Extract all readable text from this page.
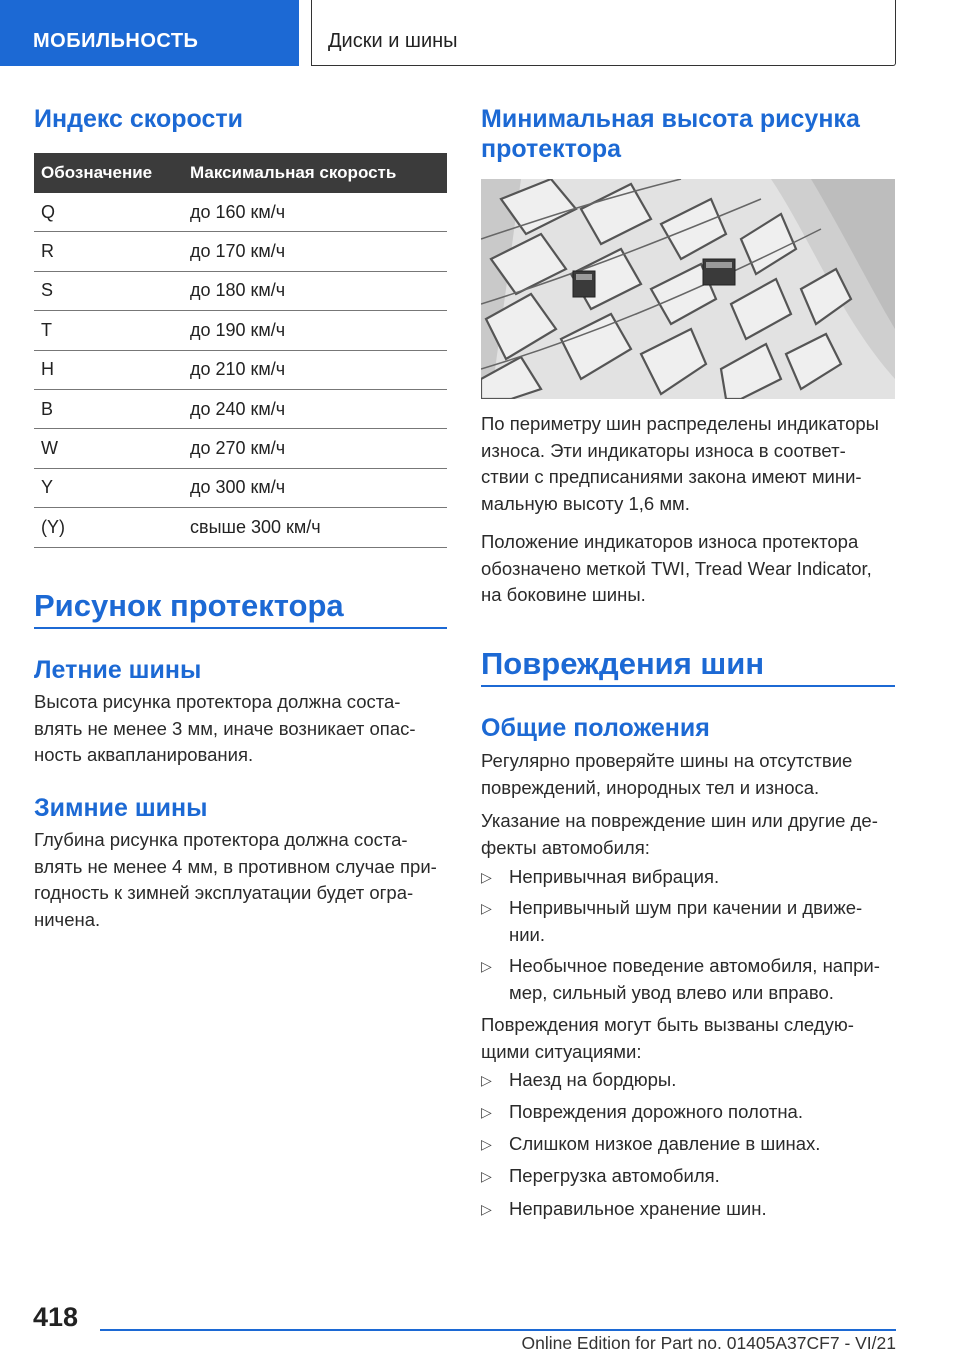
МОБИЛЬНОСТЬ	Диски и шины
Индекс скорости
Обозначение	Максимальная скорость
Q	до 160 км/ч
R	до 170 км/ч
S	до 180 км/ч
T	до 190 км/ч
H	до 210 км/ч
B	до 240 км/ч
W	до 270 км/ч
Y	до 300 км/ч
(Y)	свыше 300 км/ч
Рисунок протектора
Летние шины
Высота рисунка протектора должна соста-
влять не менее 3 мм, иначе возникает опас-
ность аквапланирования.
Зимние шины
Глубина рисунка протектора должна соста-
влять не менее 4 мм, в противном случае при-
годность к зимней эксплуатации будет огра-
ничена.
Минимальная высота рисунка
протектора
По периметру шин распределены индикаторы
износа. Эти индикаторы износа в соответ-
ствии с предписаниями закона имеют мини-
мальную высоту 1,6 мм.
Положение индикаторов износа протектора
обозначено меткой TWI, Tread Wear Indicator,
на боковине шины.
Повреждения шин
Общие положения
Регулярно проверяйте шины на отсутствие
повреждений, инородных тел и износа.
Указание на повреждение шин или другие де-
фекты автомобиля:
▷ Непривычная вибрация.
▷ Непривычный шум при качении и движе-
нии.
▷ Необычное поведение автомобиля, напри-
мер, сильный увод влево или вправо.
Повреждения могут быть вызваны следую-
щими ситуациями:
▷ Наезд на бордюры.
▷ Повреждения дорожного полотна.
▷ Слишком низкое давление в шинах.
▷ Перегрузка автомобиля.
▷ Неправильное хранение шин.
418
Online Edition for Part no. 01405A37CF7 - VI/21
